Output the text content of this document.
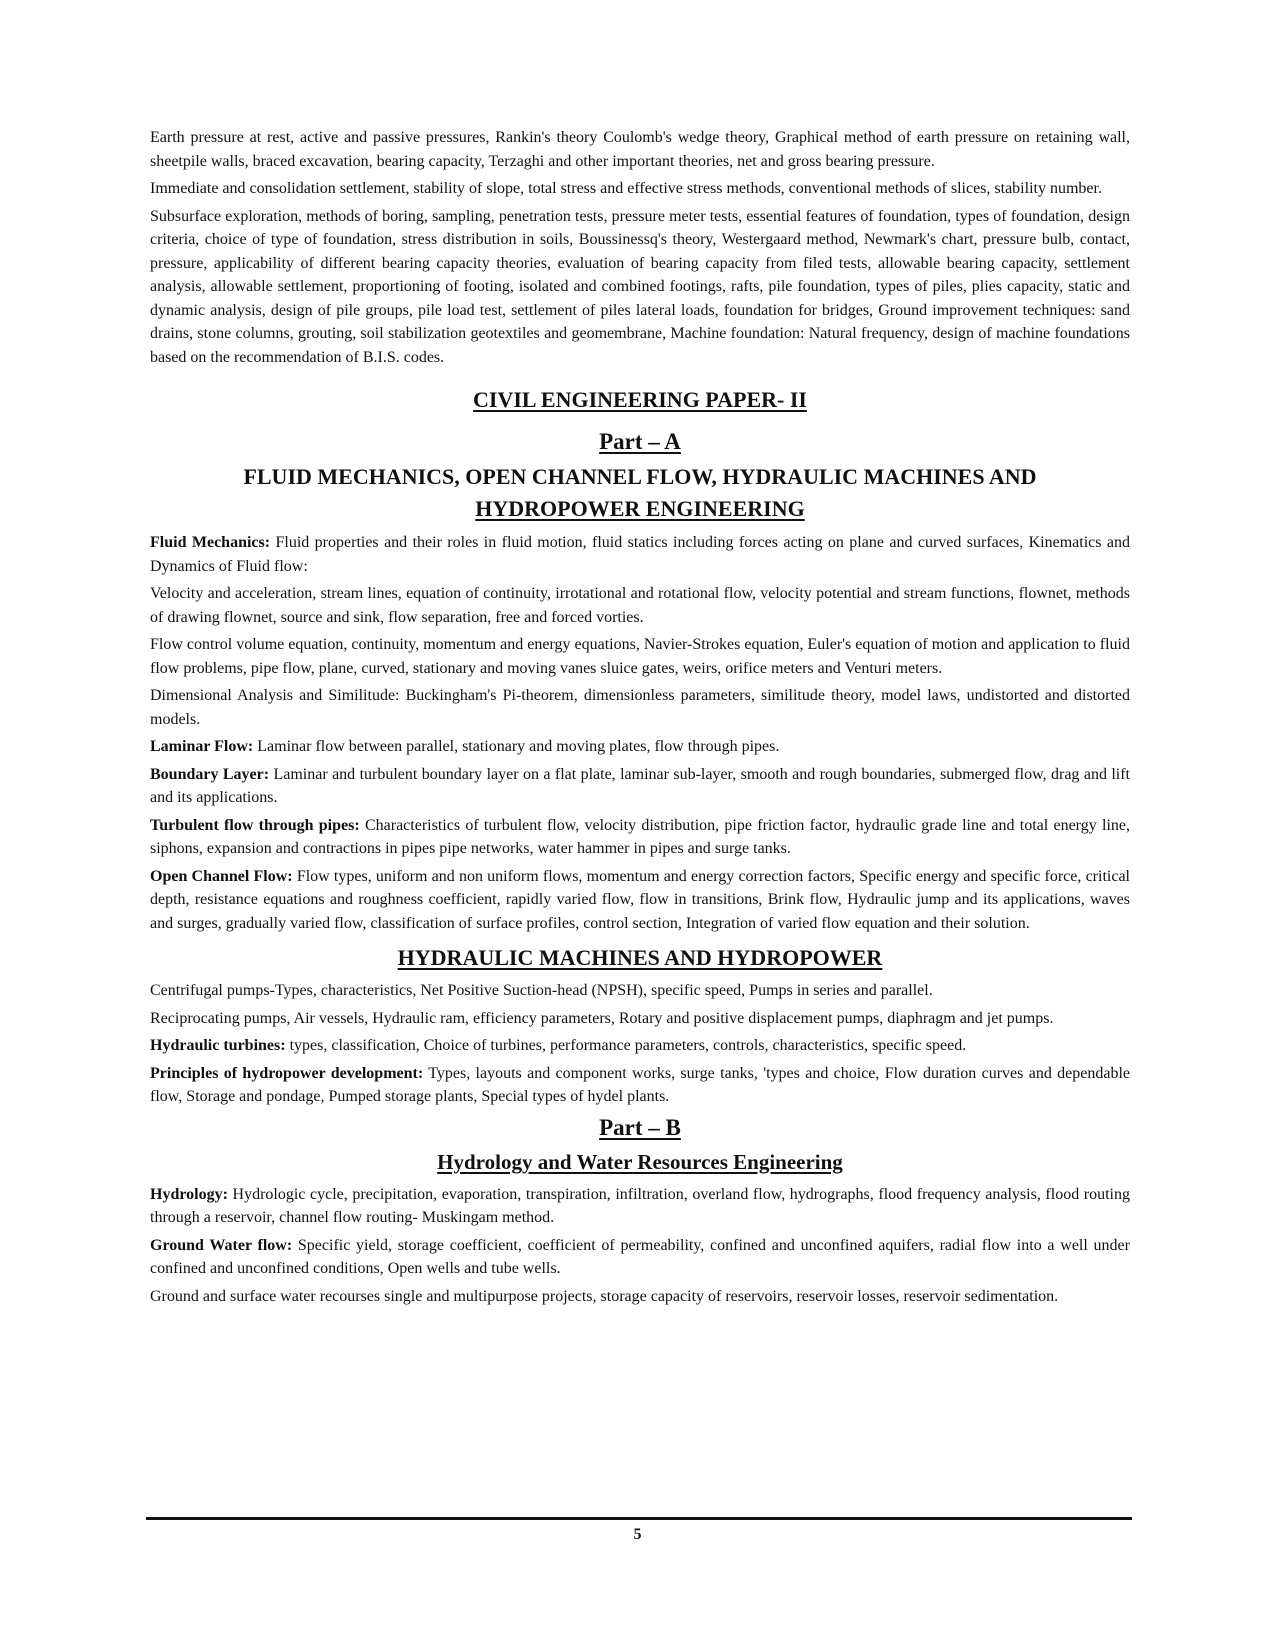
Earth pressure at rest, active and passive pressures, Rankin's theory Coulomb's wedge theory, Graphical method of earth pressure on retaining wall, sheetpile walls, braced excavation, bearing capacity, Terzaghi and other important theories, net and gross bearing pressure.

Immediate and consolidation settlement, stability of slope, total stress and effective stress methods, conventional methods of slices, stability number.

Subsurface exploration, methods of boring, sampling, penetration tests, pressure meter tests, essential features of foundation, types of foundation, design criteria, choice of type of foundation, stress distribution in soils, Boussinessq's theory, Westergaard method, Newmark's chart, pressure bulb, contact, pressure, applicability of different bearing capacity theories, evaluation of bearing capacity from filed tests, allowable bearing capacity, settlement analysis, allowable settlement, proportioning of footing, isolated and combined footings, rafts, pile foundation, types of piles, plies capacity, static and dynamic analysis, design of pile groups, pile load test, settlement of piles lateral loads, foundation for bridges, Ground improvement techniques: sand drains, stone columns, grouting, soil stabilization geotextiles and geomembrane, Machine foundation: Natural frequency, design of machine foundations based on the recommendation of B.I.S. codes.

CIVIL ENGINEERING PAPER- II
Part – A
FLUID MECHANICS, OPEN CHANNEL FLOW, HYDRAULIC MACHINES AND
HYDROPOWER ENGINEERING

Fluid Mechanics: Fluid properties and their roles in fluid motion, fluid statics including forces acting on plane and curved surfaces, Kinematics and Dynamics of Fluid flow:

Velocity and acceleration, stream lines, equation of continuity, irrotational and rotational flow, velocity potential and stream functions, flownet, methods of drawing flownet, source and sink, flow separation, free and forced vorties.

Flow control volume equation, continuity, momentum and energy equations, Navier-Strokes equation, Euler's equation of motion and application to fluid flow problems, pipe flow, plane, curved, stationary and moving vanes sluice gates, weirs, orifice meters and Venturi meters.

Dimensional Analysis and Similitude: Buckingham's Pi-theorem, dimensionless parameters, similitude theory, model laws, undistorted and distorted models.

Laminar Flow: Laminar flow between parallel, stationary and moving plates, flow through pipes.

Boundary Layer: Laminar and turbulent boundary layer on a flat plate, laminar sub-layer, smooth and rough boundaries, submerged flow, drag and lift and its applications.

Turbulent flow through pipes: Characteristics of turbulent flow, velocity distribution, pipe friction factor, hydraulic grade line and total energy line, siphons, expansion and contractions in pipes pipe networks, water hammer in pipes and surge tanks.

Open Channel Flow: Flow types, uniform and non uniform flows, momentum and energy correction factors, Specific energy and specific force, critical depth, resistance equations and roughness coefficient, rapidly varied flow, flow in transitions, Brink flow, Hydraulic jump and its applications, waves and surges, gradually varied flow, classification of surface profiles, control section, Integration of varied flow equation and their solution.

HYDRAULIC MACHINES AND HYDROPOWER

Centrifugal pumps-Types, characteristics, Net Positive Suction-head (NPSH), specific speed, Pumps in series and parallel.

Reciprocating pumps, Air vessels, Hydraulic ram, efficiency parameters, Rotary and positive displacement pumps, diaphragm and jet pumps.

Hydraulic turbines: types, classification, Choice of turbines, performance parameters, controls, characteristics, specific speed.

Principles of hydropower development: Types, layouts and component works, surge tanks, 'types and choice, Flow duration curves and dependable flow, Storage and pondage, Pumped storage plants, Special types of hydel plants.

Part – B
Hydrology and Water Resources Engineering

Hydrology: Hydrologic cycle, precipitation, evaporation, transpiration, infiltration, overland flow, hydrographs, flood frequency analysis, flood routing through a reservoir, channel flow routing- Muskingam method.

Ground Water flow: Specific yield, storage coefficient, coefficient of permeability, confined and unconfined aquifers, radial flow into a well under confined and unconfined conditions, Open wells and tube wells.

Ground and surface water recourses single and multipurpose projects, storage capacity of reservoirs, reservoir losses, reservoir sedimentation.

5
